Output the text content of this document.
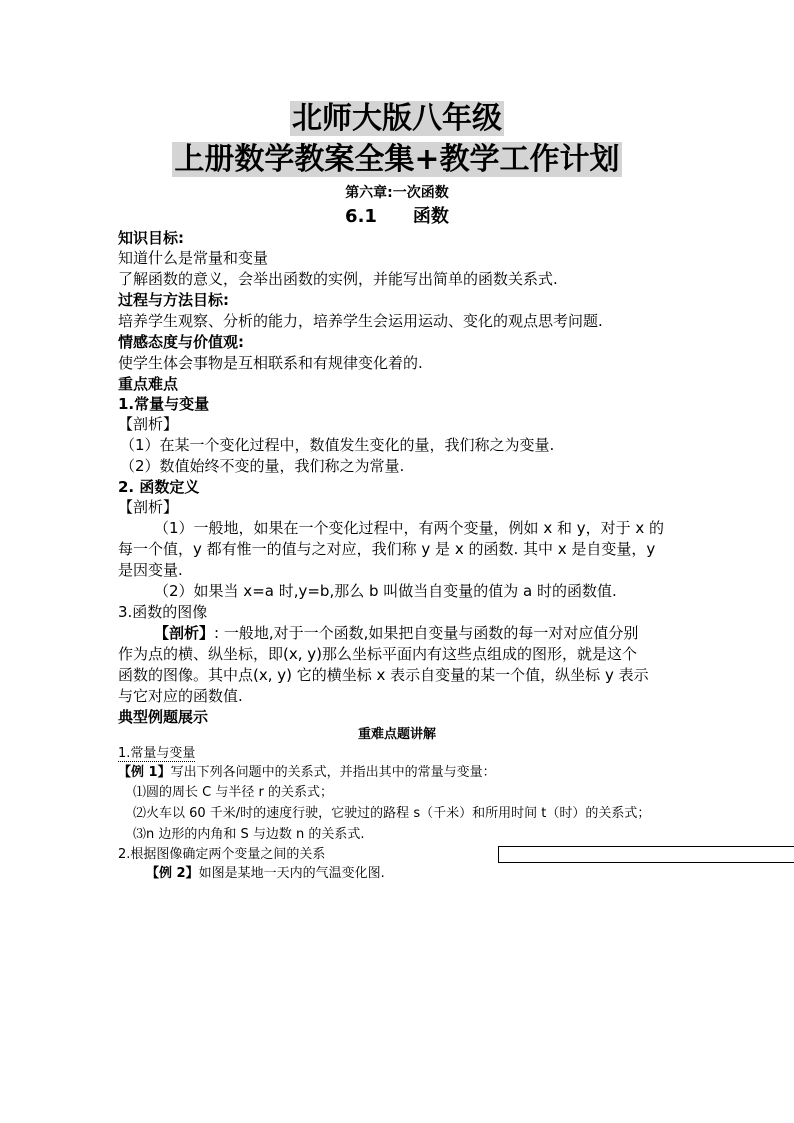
北师大版八年级
上册数学教案全集+教学工作计划
第六章:一次函数
6.1　　函数
知识目标:
知道什么是常量和变量
了解函数的意义，会举出函数的实例，并能写出简单的函数关系式.
过程与方法目标:
培养学生观察、分析的能力，培养学生会运用运动、变化的观点思考问题.
情感态度与价值观:
使学生体会事物是互相联系和有规律变化着的.
重点难点
1.常量与变量
【剖析】
（1）在某一个变化过程中，数值发生变化的量，我们称之为变量.
（2）数值始终不变的量，我们称之为常量.
2. 函数定义
【剖析】
（1）一般地，如果在一个变化过程中，有两个变量，例如 x 和 y，对于 x 的
每一个值，y 都有惟一的值与之对应，我们称 y 是 x 的函数. 其中 x 是自变量，y
是因变量.
（2）如果当 x=a 时,y=b,那么 b 叫做当自变量的值为 a 时的函数值.
3.函数的图像
【剖析】: 一般地,对于一个函数,如果把自变量与函数的每一对对应值分别
作为点的横、纵坐标，即(x, y)那么坐标平面内有这些点组成的图形，就是这个
函数的图像。其中点(x, y) 它的横坐标 x 表示自变量的某一个值，纵坐标 y 表示
与它对应的函数值.
典型例题展示
重难点题讲解
1.常量与变量
【例 1】写出下列各问题中的关系式，并指出其中的常量与变量：
⑴圆的周长 C 与半径 r 的关系式；
⑵火车以 60 千米/时的速度行驶，它驶过的路程 s（千米）和所用时间 t（时）的关系式；
⑶n 边形的内角和 S 与边数 n 的关系式.
2.根据图像确定两个变量之间的关系
【例 2】如图是某地一天内的气温变化图.
